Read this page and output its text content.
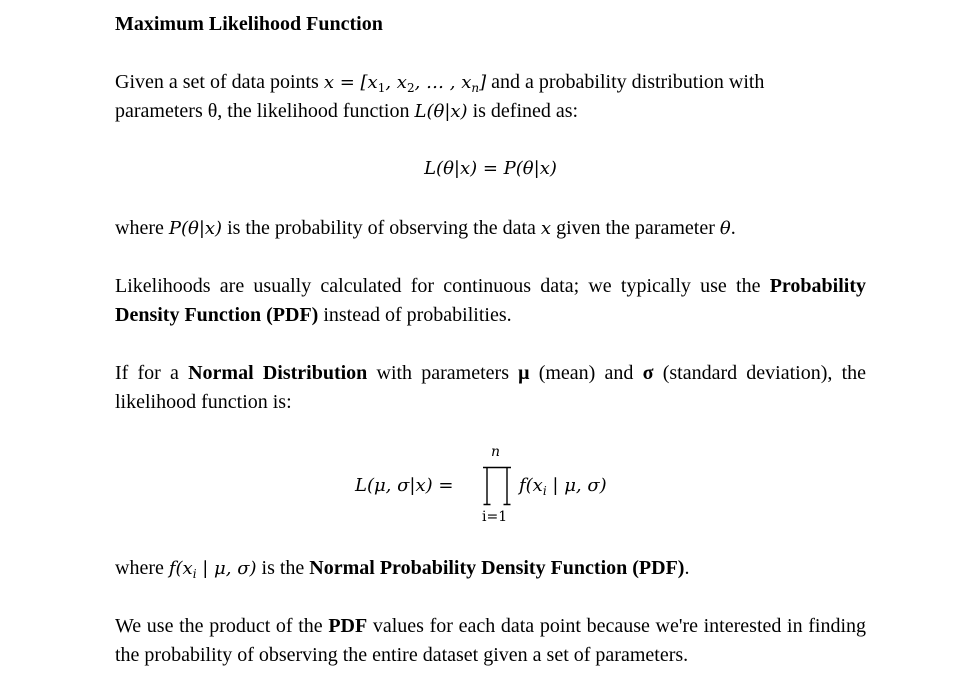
Maximum Likelihood Function
Given a set of data points $x = [x_1$, $x_2$, … , $x_n$] and a probability distribution with
parameters θ, the likelihood function L(θ|x) is defined as:
L(θ|x) = P(θ|x)
where P(θ|x) is the probability of observing the data x given the parameter θ.
Likelihoods are usually calculated for continuous data; we typically use the Probability Density Function (PDF) instead of probabilities.
If for a Normal Distribution with parameters μ (mean) and σ (standard deviation), the likelihood function is:
L(μ, σ|x) =
n
i=1
$f(x_i$ | μ, σ)
where $f(x_i$ | μ, σ) is the Normal Probability Density Function (PDF).
We use the product of the PDF values for each data point because we're interested in finding the probability of observing the entire dataset given a set of parameters.
